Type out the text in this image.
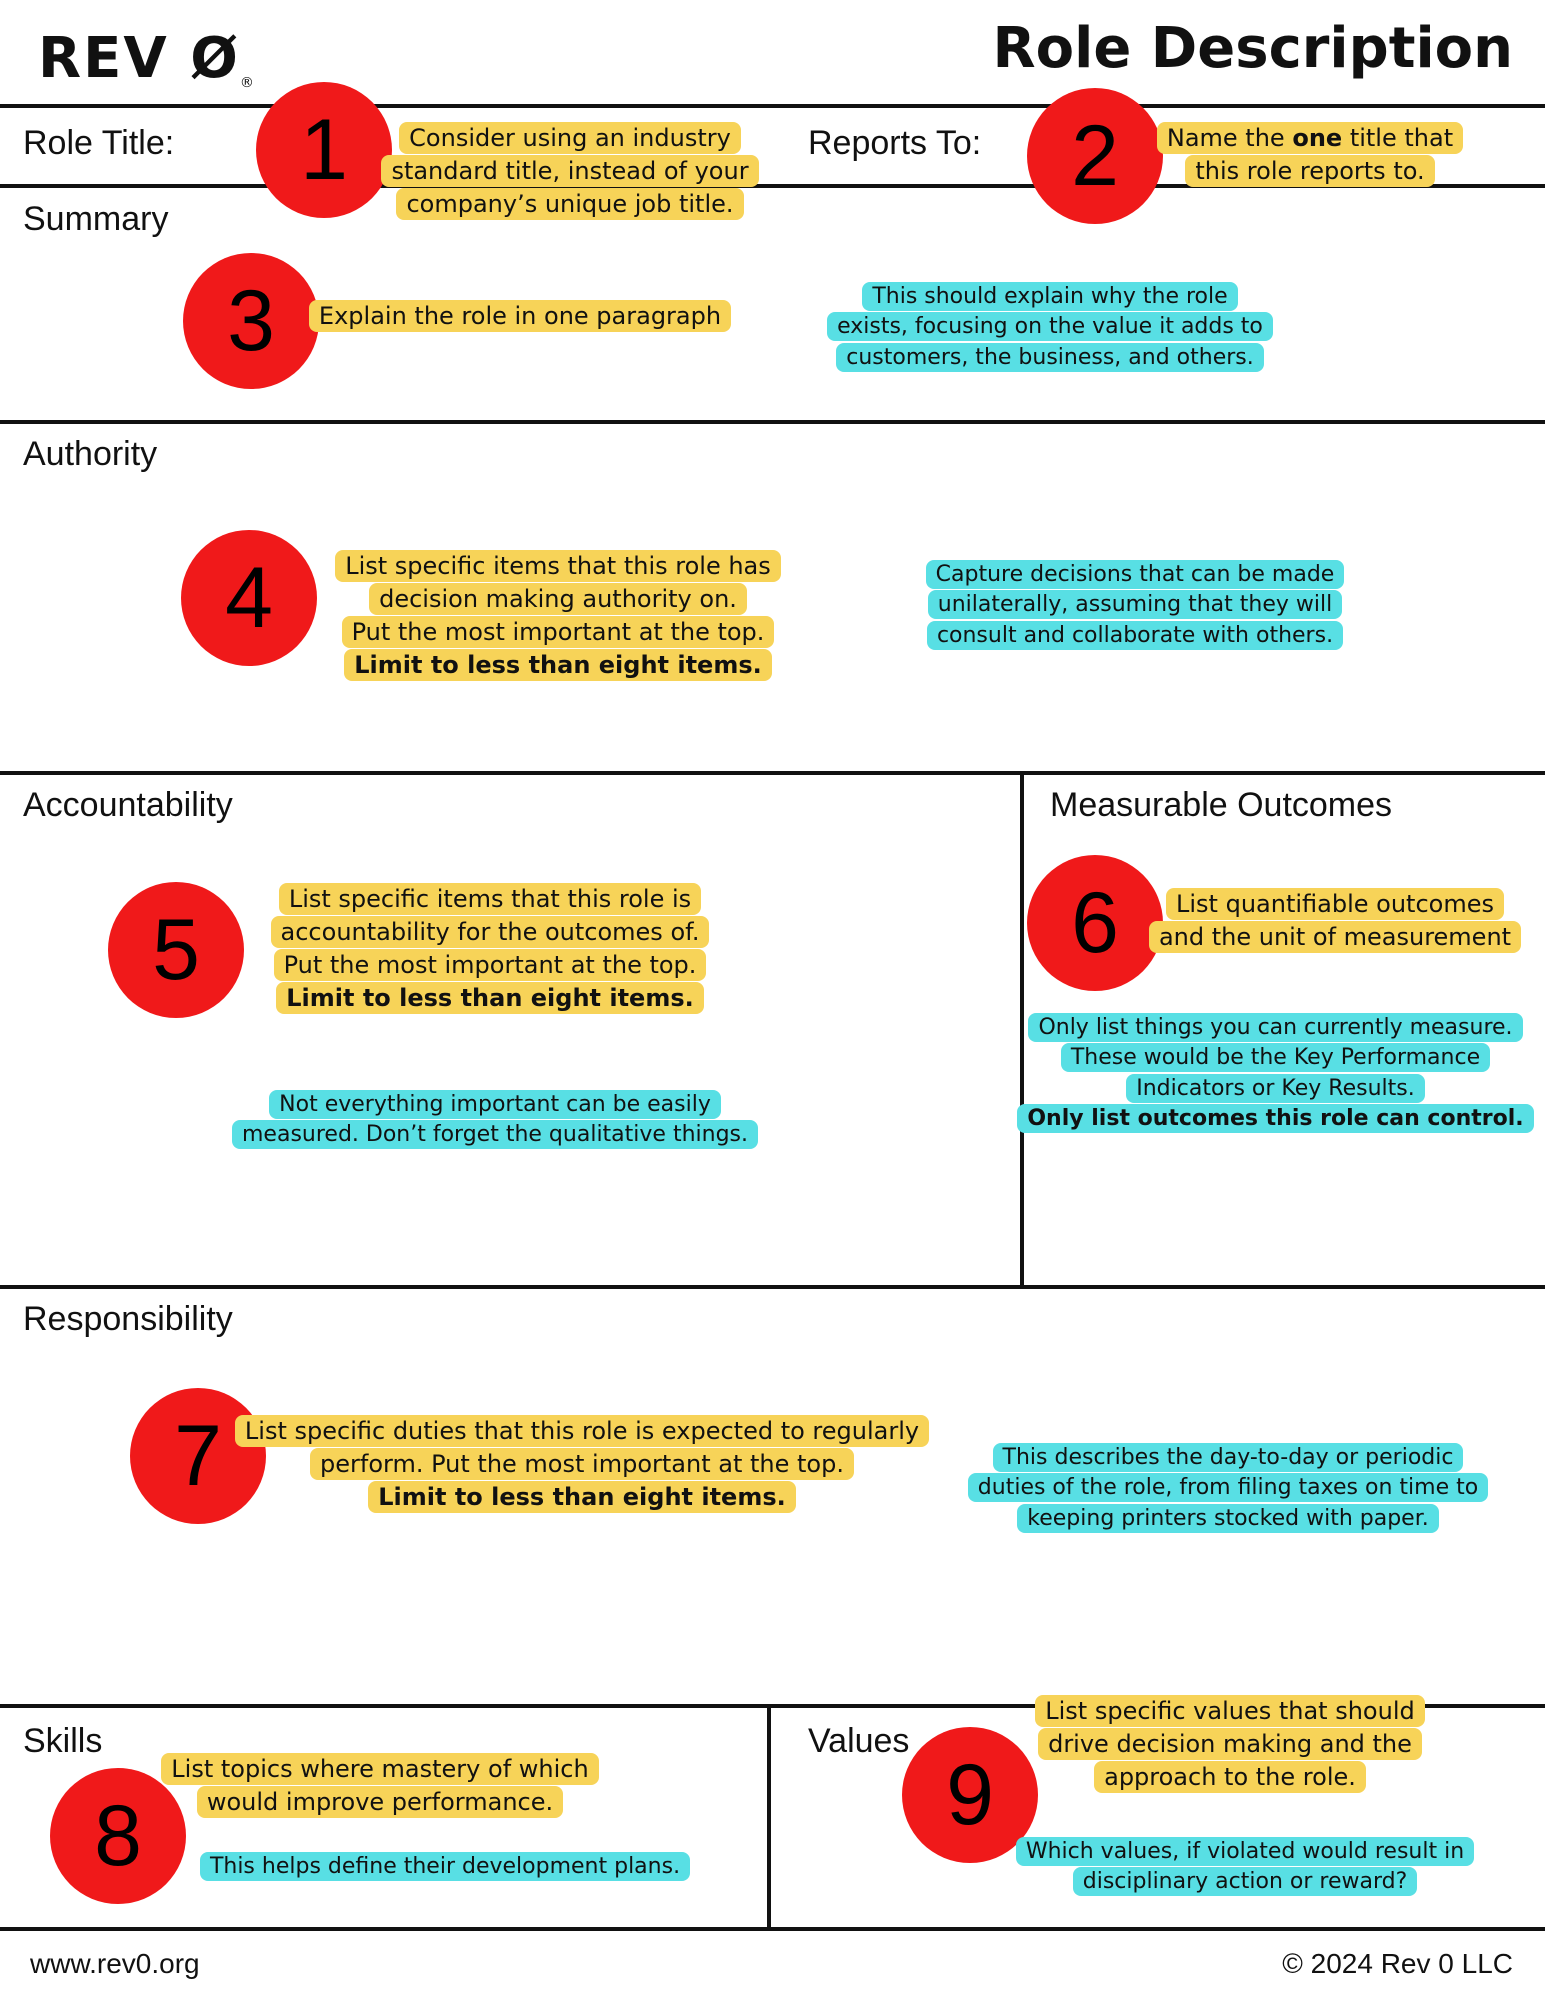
REV Ø®
Role Description
Role Title:	Reports To:
Summary
Authority
Accountability	Measurable Outcomes
Responsibility
Skills	Values
1	2
3
4
5	6
7
8	9
Consider using an industry
standard title, instead of your
company’s unique job title.
Name the one title that
this role reports to.
Explain the role in one paragraph
This should explain why the role
exists, focusing on the value it adds to
customers, the business, and others.
List specific items that this role has
decision making authority on.
Put the most important at the top.
Limit to less than eight items.
Capture decisions that can be made
unilaterally, assuming that they will
consult and collaborate with others.
List specific items that this role is
accountability for the outcomes of.
Put the most important at the top.
Limit to less than eight items.
Not everything important can be easily
measured. Don’t forget the qualitative things.
List quantifiable outcomes
and the unit of measurement
Only list things you can currently measure.
These would be the Key Performance
Indicators or Key Results.
Only list outcomes this role can control.
List specific duties that this role is expected to regularly
perform. Put the most important at the top.
Limit to less than eight items.
This describes the day-to-day or periodic
duties of the role, from filing taxes on time to
keeping printers stocked with paper.
List topics where mastery of which
would improve performance.
This helps define their development plans.
List specific values that should
drive decision making and the
approach to the role.
Which values, if violated would result in
disciplinary action or reward?
www.rev0.org	© 2024 Rev 0 LLC
